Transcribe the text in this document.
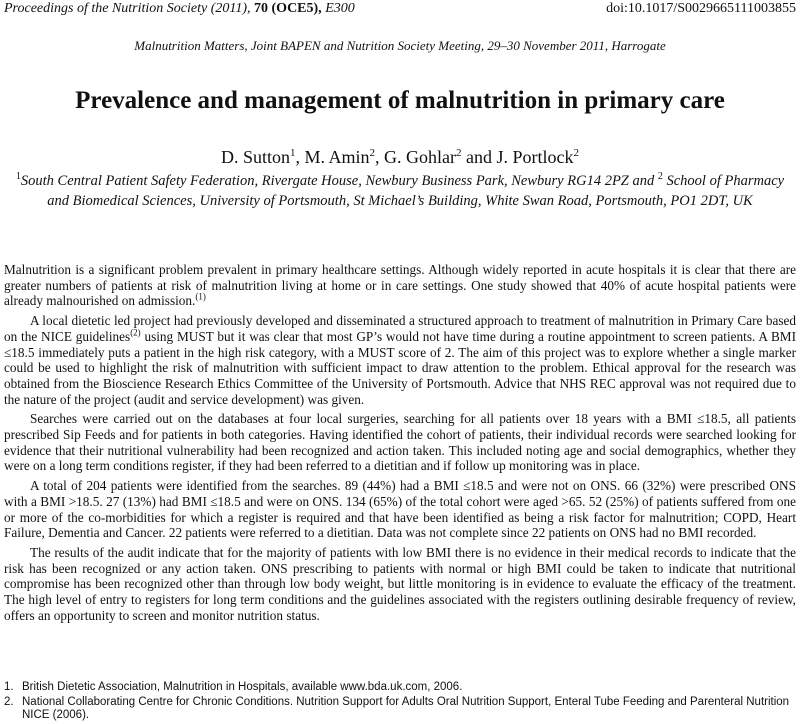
Proceedings of the Nutrition Society (2011), 70 (OCE5), E300	doi:10.1017/S0029665111003855
Malnutrition Matters, Joint BAPEN and Nutrition Society Meeting, 29–30 November 2011, Harrogate
Prevalence and management of malnutrition in primary care
D. Sutton$^1$, M. Amin$^2$, G. Gohlar$^2$ and J. Portlock$^2$
$^1$South Central Patient Safety Federation, Rivergate House, Newbury Business Park, Newbury RG14 2PZ and $^2$ School of Pharmacy and Biomedical Sciences, University of Portsmouth, St Michael’s Building, White Swan Road, Portsmouth, PO1 2DT, UK

Malnutrition is a significant problem prevalent in primary healthcare settings. Although widely reported in acute hospitals it is clear that there are greater numbers of patients at risk of malnutrition living at home or in care settings. One study showed that 40% of acute hospital patients were already malnourished on admission.$^{(1)}$

A local dietetic led project had previously developed and disseminated a structured approach to treatment of malnutrition in Primary Care based on the NICE guidelines$^{(2)}$ using MUST but it was clear that most GP’s would not have time during a routine appointment to screen patients. A BMI ≤18.5 immediately puts a patient in the high risk category, with a MUST score of 2. The aim of this project was to explore whether a single marker could be used to highlight the risk of malnutrition with sufficient impact to draw attention to the problem. Ethical approval for the research was obtained from the Bioscience Research Ethics Committee of the University of Portsmouth. Advice that NHS REC approval was not required due to the nature of the project (audit and service development) was given.

Searches were carried out on the databases at four local surgeries, searching for all patients over 18 years with a BMI ≤18.5, all patients prescribed Sip Feeds and for patients in both categories. Having identified the cohort of patients, their individual records were searched looking for evidence that their nutritional vulnerability had been recognized and action taken. This included noting age and social demographics, whether they were on a long term conditions register, if they had been referred to a dietitian and if follow up monitoring was in place.

A total of 204 patients were identified from the searches. 89 (44%) had a BMI ≤18.5 and were not on ONS. 66 (32%) were prescribed ONS with a BMI >18.5. 27 (13%) had BMI ≤18.5 and were on ONS. 134 (65%) of the total cohort were aged >65. 52 (25%) of patients suffered from one or more of the co-morbidities for which a register is required and that have been identified as being a risk factor for malnutrition; COPD, Heart Failure, Dementia and Cancer. 22 patients were referred to a dietitian. Data was not complete since 22 patients on ONS had no BMI recorded.

The results of the audit indicate that for the majority of patients with low BMI there is no evidence in their medical records to indicate that the risk has been recognized or any action taken. ONS prescribing to patients with normal or high BMI could be taken to indicate that nutritional compromise has been recognized other than through low body weight, but little monitoring is in evidence to evaluate the efficacy of the treatment. The high level of entry to registers for long term conditions and the guidelines associated with the registers outlining desirable frequency of review, offers an opportunity to screen and monitor nutrition status.

1. British Dietetic Association, Malnutrition in Hospitals, available www.bda.uk.com, 2006.
2. National Collaborating Centre for Chronic Conditions. Nutrition Support for Adults Oral Nutrition Support, Enteral Tube Feeding and Parenteral Nutrition NICE (2006).
